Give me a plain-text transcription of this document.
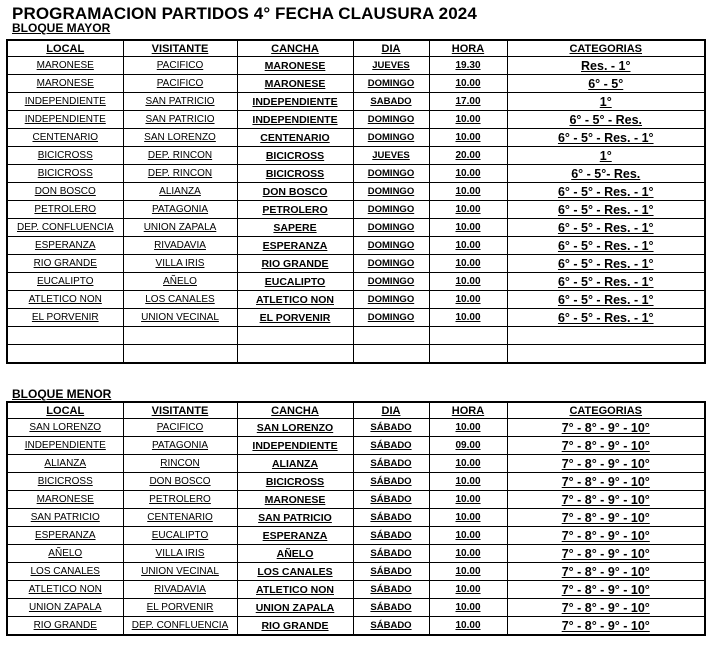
PROGRAMACION PARTIDOS 4° FECHA CLAUSURA 2024
BLOQUE MAYOR
LOCAL	VISITANTE	CANCHA	DIA	HORA	CATEGORIAS
MARONESE	PACIFICO	MARONESE	JUEVES	19.30	Res. - 1°
MARONESE	PACIFICO	MARONESE	DOMINGO	10.00	6° - 5°
INDEPENDIENTE	SAN PATRICIO	INDEPENDIENTE	SABADO	17.00	1°
INDEPENDIENTE	SAN PATRICIO	INDEPENDIENTE	DOMINGO	10.00	6° - 5° - Res.
CENTENARIO	SAN LORENZO	CENTENARIO	DOMINGO	10.00	6° - 5° - Res. - 1°
BICICROSS	DEP. RINCON	BICICROSS	JUEVES	20.00	1°
BICICROSS	DEP. RINCON	BICICROSS	DOMINGO	10.00	6° - 5°- Res.
DON BOSCO	ALIANZA	DON BOSCO	DOMINGO	10.00	6° - 5° - Res. - 1°
PETROLERO	PATAGONIA	PETROLERO	DOMINGO	10.00	6° - 5° - Res. - 1°
DEP. CONFLUENCIA	UNION ZAPALA	SAPERE	DOMINGO	10.00	6° - 5° - Res. - 1°
ESPERANZA	RIVADAVIA	ESPERANZA	DOMINGO	10.00	6° - 5° - Res. - 1°
RIO GRANDE	VILLA IRIS	RIO GRANDE	DOMINGO	10.00	6° - 5° - Res. - 1°
EUCALIPTO	AÑELO	EUCALIPTO	DOMINGO	10.00	6° - 5° - Res. - 1°
ATLETICO NON	LOS CANALES	ATLETICO NON	DOMINGO	10.00	6° - 5° - Res. - 1°
EL PORVENIR	UNION VECINAL	EL PORVENIR	DOMINGO	10.00	6° - 5° - Res. - 1°

BLOQUE MENOR
LOCAL	VISITANTE	CANCHA	DIA	HORA	CATEGORIAS
SAN LORENZO	PACIFICO	SAN LORENZO	SÁBADO	10.00	7° - 8° - 9° - 10°
INDEPENDIENTE	PATAGONIA	INDEPENDIENTE	SÁBADO	09.00	7° - 8° - 9° - 10°
ALIANZA	RINCON	ALIANZA	SÁBADO	10.00	7° - 8° - 9° - 10°
BICICROSS	DON BOSCO	BICICROSS	SÁBADO	10.00	7° - 8° - 9° - 10°
MARONESE	PETROLERO	MARONESE	SÁBADO	10.00	7° - 8° - 9° - 10°
SAN PATRICIO	CENTENARIO	SAN PATRICIO	SÁBADO	10.00	7° - 8° - 9° - 10°
ESPERANZA	EUCALIPTO	ESPERANZA	SÁBADO	10.00	7° - 8° - 9° - 10°
AÑELO	VILLA IRIS	AÑELO	SÁBADO	10.00	7° - 8° - 9° - 10°
LOS CANALES	UNION VECINAL	LOS CANALES	SÁBADO	10.00	7° - 8° - 9° - 10°
ATLETICO NON	RIVADAVIA	ATLETICO NON	SÁBADO	10.00	7° - 8° - 9° - 10°
UNION ZAPALA	EL PORVENIR	UNION ZAPALA	SÁBADO	10.00	7° - 8° - 9° - 10°
RIO GRANDE	DEP. CONFLUENCIA	RIO GRANDE	SÁBADO	10.00	7° - 8° - 9° - 10°
